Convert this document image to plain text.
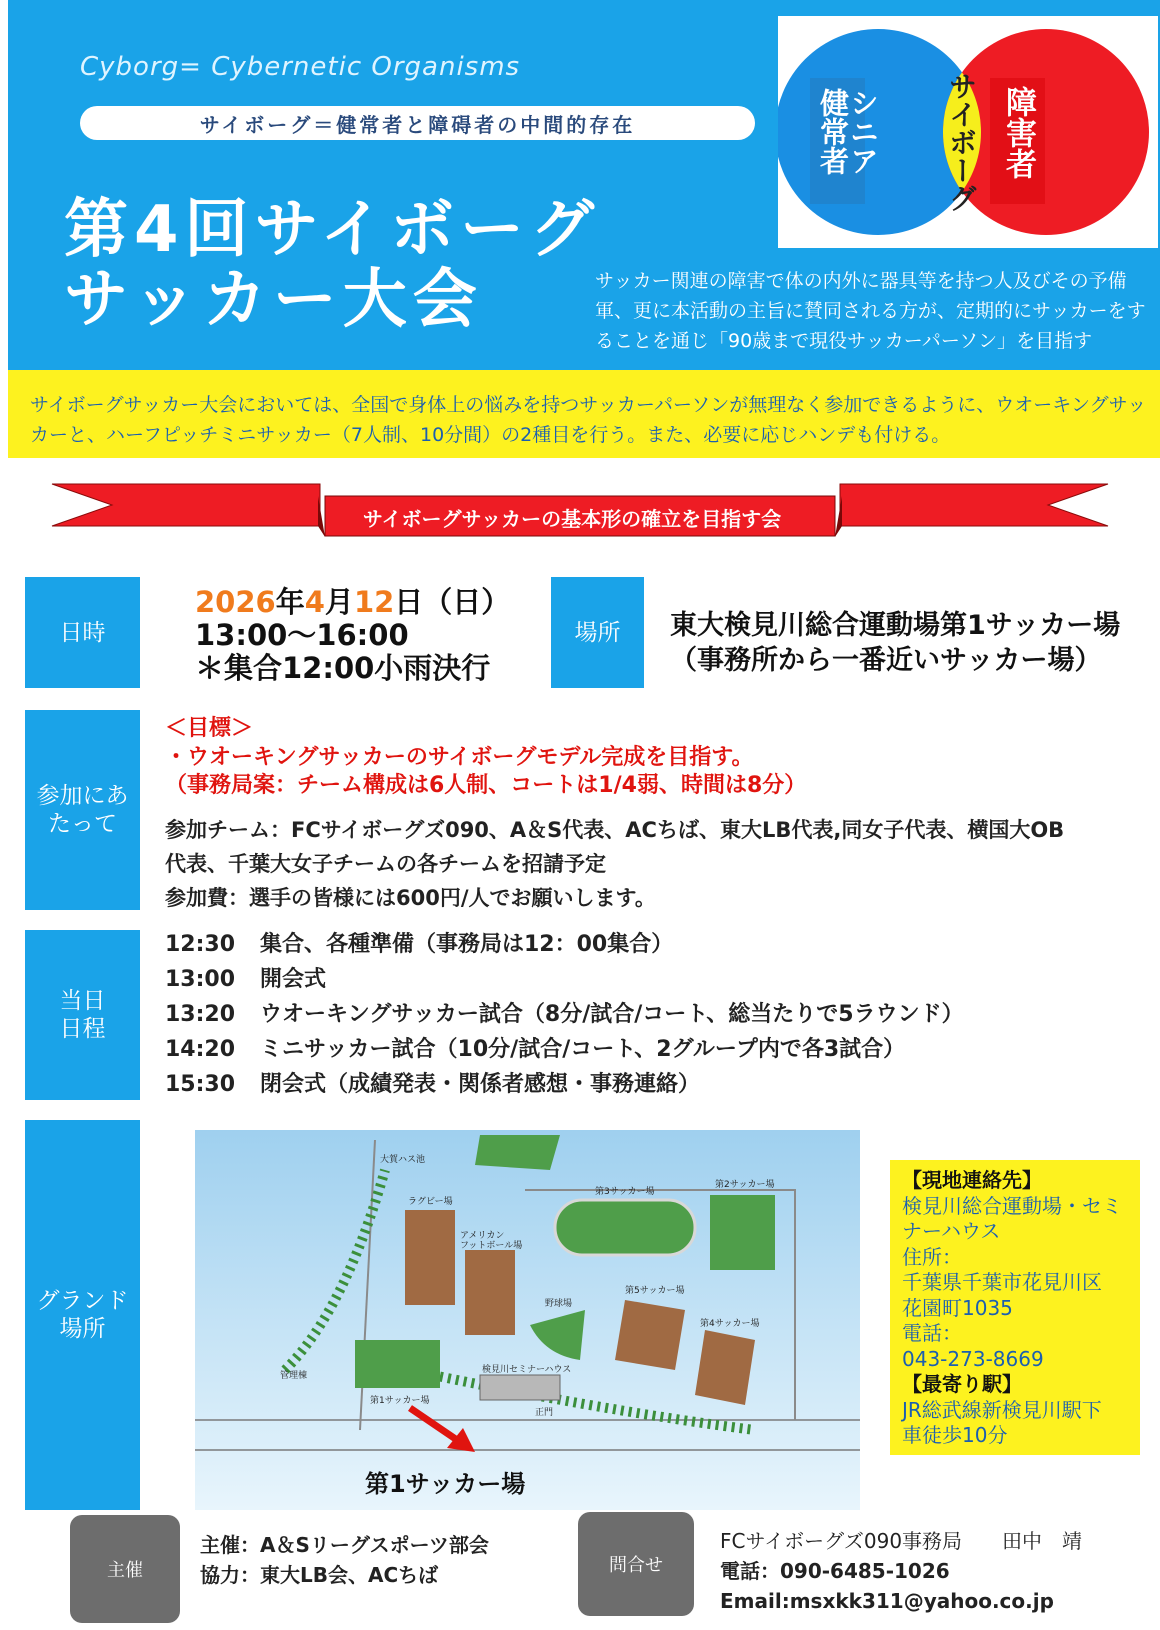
Cyborg= Cybernetic Organisms
サイボーグ＝健常者と障碍者の中間的存在
第4回サイボーグ
サッカー大会	サッカー関連の障害で体の内外に器具等を持つ人及びその予備軍、更に本活動の主旨に賛同される方が、定期的にサッカーをすることを通じ「90歳まで現役サッカーパーソン」を目指す
健常者
シニア サイボーグ 障害者

サイボーグサッカー大会においては、全国で身体上の悩みを持つサッカーパーソンが無理なく参加できるように、ウオーキングサッカーと、ハーフピッチミニサッカー（7人制、10分間）の2種目を行う。また、必要に応じハンデも付ける。

サイボーグサッカーの基本形の確立を目指す会
日時
2026年4月12日（日）
13:00～16:00
＊集合12:00小雨決行
場所	東大検見川総合運動場第1サッカー場
（事務所から一番近いサッカー場）
参加にあたって
＜目標＞
・ウオーキングサッカーのサイボーグモデル完成を目指す。
（事務局案：チーム構成は6人制、コートは1/4弱、時間は8分）
参加チーム：FCサイボーグズ090、A＆S代表、ACちば、東大LB代表,同女子代表、横国大OB
代表、千葉大女子チームの各チームを招請予定
参加費：選手の皆様には600円/人でお願いします。
当日
日程
12:30 集合、各種準備（事務局は12：00集合）
13:00 開会式
13:20 ウオーキングサッカー試合（8分/試合/コート、総当たりで5ラウンド）
14:20 ミニサッカー試合（10分/試合/コート、2グループ内で各3試合）
15:30 閉会式（成績発表・関係者感想・事務連絡）
グランド
場所
ラグビー場
アメリカン
フットボール場
野球場
第3サッカー場
第2サッカー場
第5サッカー場
第4サッカー場
第1サッカー場
検見川セミナーハウス
大賀ハス池
管理棟
正門
第1サッカー場
【現地連絡先】
検見川総合運動場・セミ
ナーハウス
住所：
千葉県千葉市花見川区
花園町1035
電話：
043-273-8669
【最寄り駅】
JR総武線新検見川駅下
車徒歩10分
主催
主催：A＆Sリーグスポーツ部会
協力：東大LB会、ACちば	問合せ
FCサイボーグズ090事務局　　田中　靖
電話：090-6485-1026
Email:msxkk311@yahoo.co.jp
